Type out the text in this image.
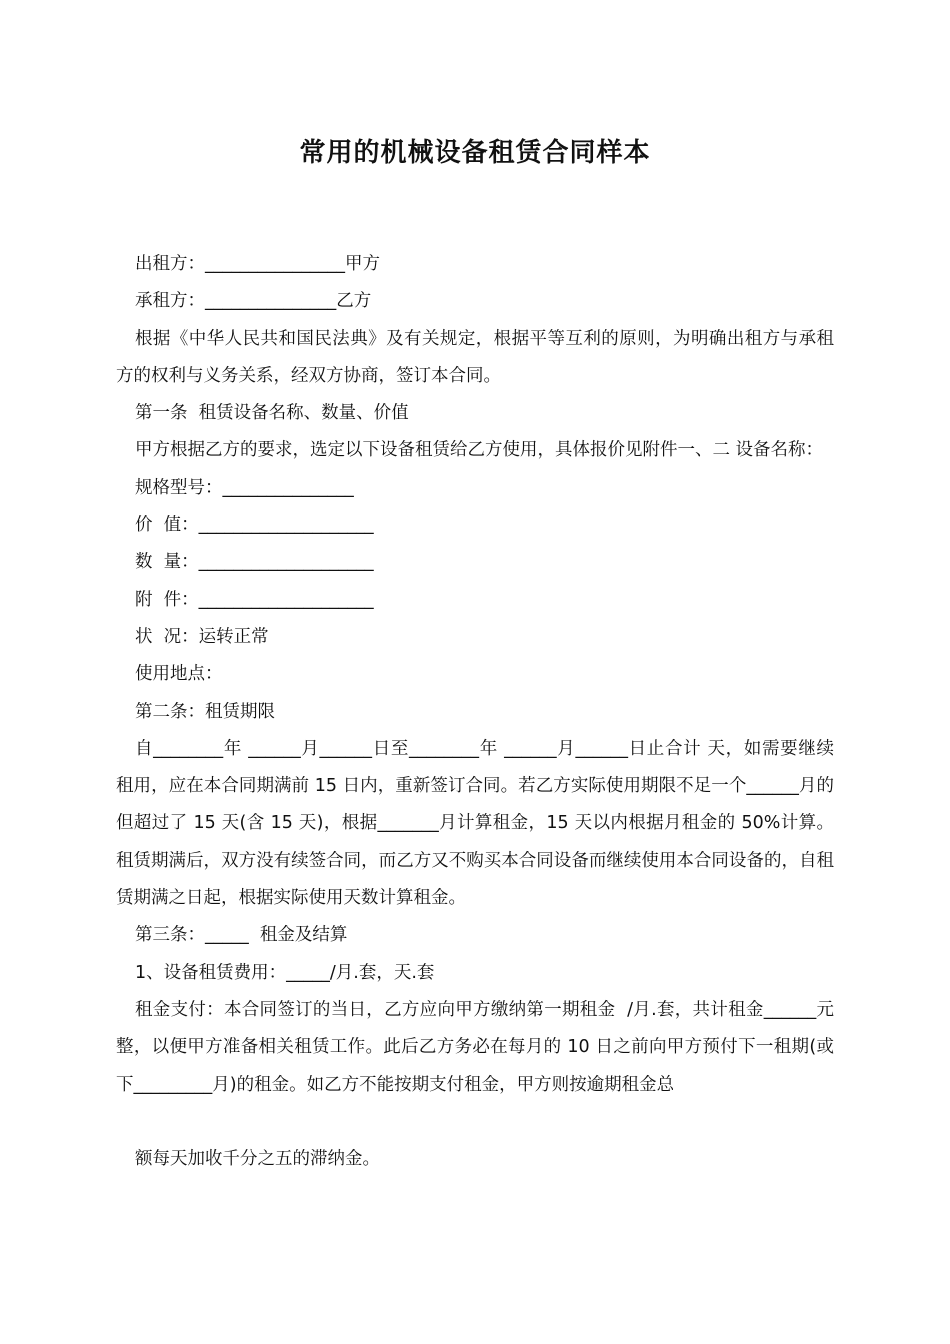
常用的机械设备租赁合同样本

出租方：________________甲方

承租方：_______________乙方

根据《中华人民共和国民法典》及有关规定，根据平等互利的原则，为明确出租方与承租方的权利与义务关系，经双方协商，签订本合同。

第一条  租赁设备名称、数量、价值

甲方根据乙方的要求，选定以下设备租赁给乙方使用，具体报价见附件一、二 设备名称：

规格型号：_______________

价  值：____________________

数  量：____________________

附  件：____________________

状  况：运转正常

使用地点：

第二条：租赁期限

自________年 ______月______日至________年 ______月______日止合计 天，如需要继续租用，应在本合同期满前 15 日内，重新签订合同。若乙方实际使用期限不足一个______月的但超过了 15 天(含 15 天)，根据_______月计算租金，15 天以内根据月租金的 50%计算。租赁期满后，双方没有续签合同，而乙方又不购买本合同设备而继续使用本合同设备的，自租赁期满之日起，根据实际使用天数计算租金。

第三条：_____  租金及结算

1、设备租赁费用：_____/月.套，天.套

租金支付：本合同签订的当日，乙方应向甲方缴纳第一期租金  /月.套，共计租金______元整，以便甲方准备相关租赁工作。此后乙方务必在每月的 10 日之前向甲方预付下一租期(或下_________月)的租金。如乙方不能按期支付租金，甲方则按逾期租金总

额每天加收千分之五的滞纳金。
